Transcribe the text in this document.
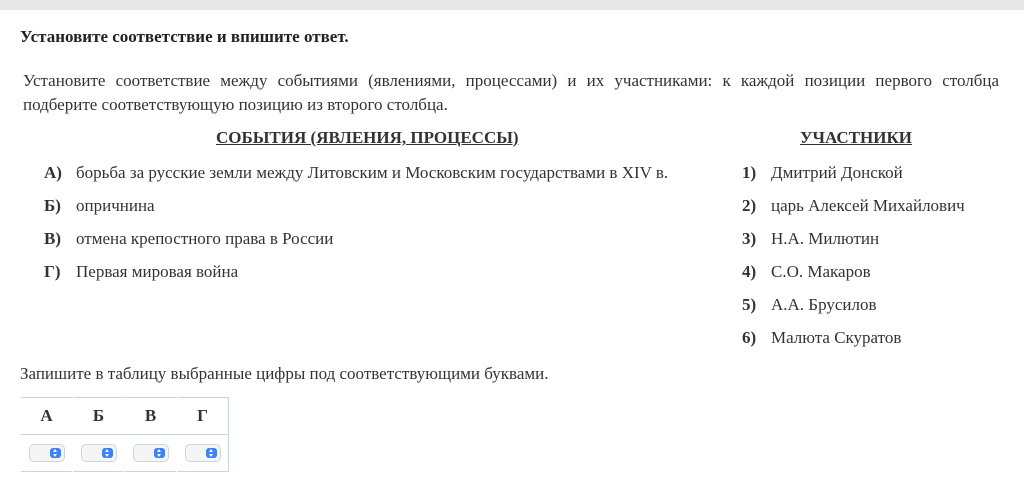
Установите соответствие и впишите ответ.
Установите соответствие между событиями (явлениями, процессами) и их участниками: к каждой позиции первого столбца подберите соответствующую позицию из второго столбца.
СОБЫТИЯ (ЯВЛЕНИЯ, ПРОЦЕССЫ)	УЧАСТНИКИ
А) борьба за русские земли между Литовским и Московским государствами в XIV в.
Б) опричнина
В) отмена крепостного права в России
Г) Первая мировая война
1) Дмитрий Донской
2) царь Алексей Михайлович
3) Н.А. Милютин
4) С.О. Макаров
5) А.А. Брусилов
6) Малюта Скуратов
Запишите в таблицу выбранные цифры под соответствующими буквами.
А	Б	В	Г
